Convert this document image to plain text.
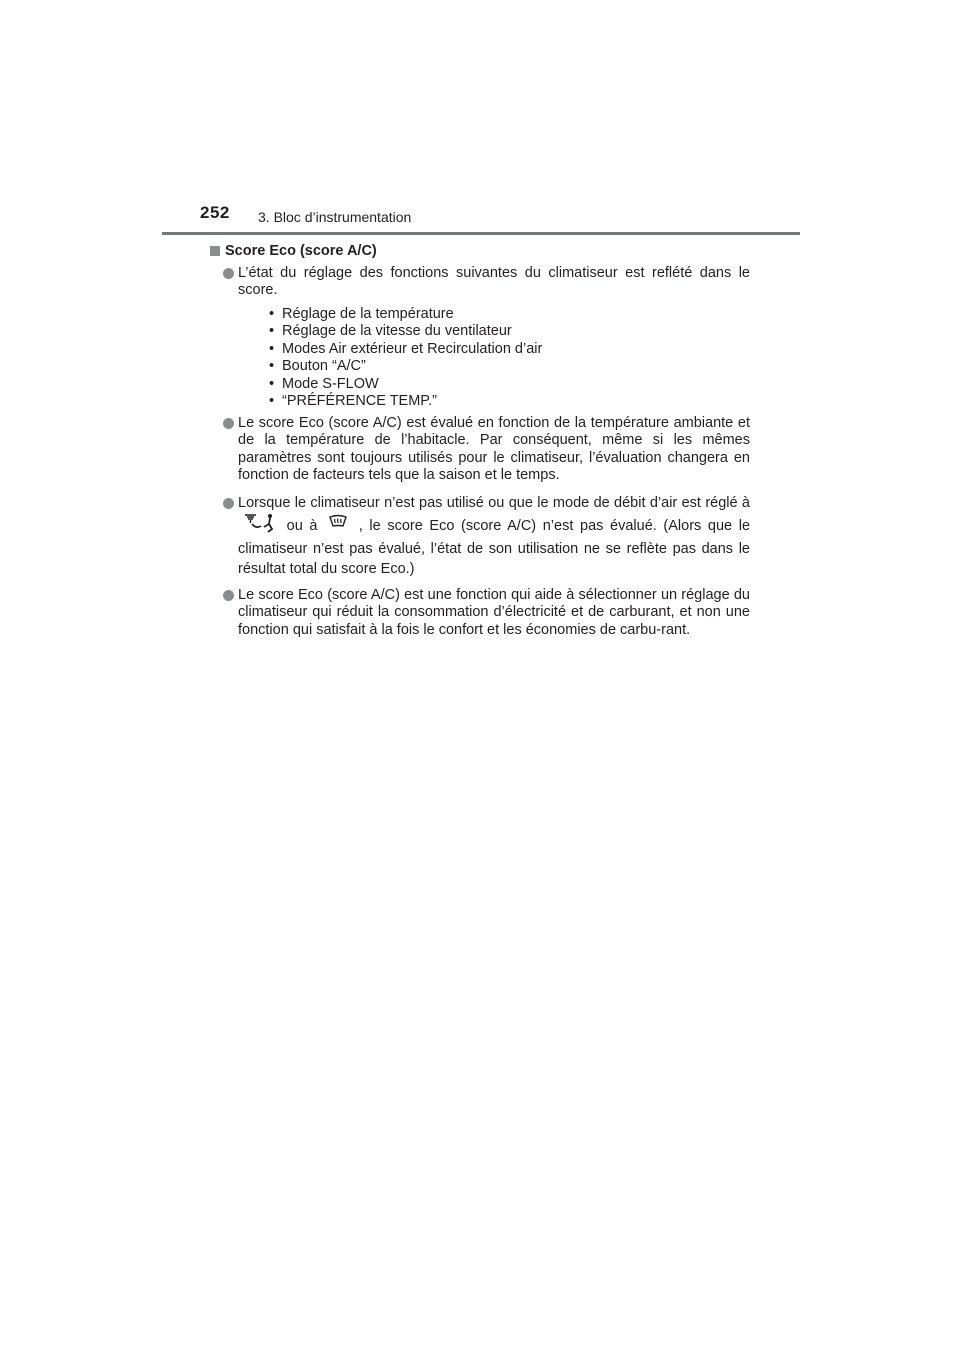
252 3. Bloc d’instrumentation
Score Eco (score A/C)
L’état du réglage des fonctions suivantes du climatiseur est reflété dans le score.
• Réglage de la température
• Réglage de la vitesse du ventilateur
• Modes Air extérieur et Recirculation d’air
• Bouton “A/C”
• Mode S-FLOW
• “PRÉFÉRENCE TEMP.”
Le score Eco (score A/C) est évalué en fonction de la température ambiante et de la température de l’habitacle. Par conséquent, même si les mêmes paramètres sont toujours utilisés pour le climatiseur, l’évaluation changera en fonction de facteurs tels que la saison et le temps.
Lorsque le climatiseur n’est pas utilisé ou que le mode de débit d’air est réglé à  ou à	, le score Eco (score A/C) n’est pas évalué. (Alors que le climatiseur n’est pas évalué, l’état de son utilisation ne se reflète pas dans le résultat total du score Eco.)
Le score Eco (score A/C) est une fonction qui aide à sélectionner un réglage du climatiseur qui réduit la consommation d’électricité et de carburant, et non une fonction qui satisfait à la fois le confort et les économies de carbu-rant.
